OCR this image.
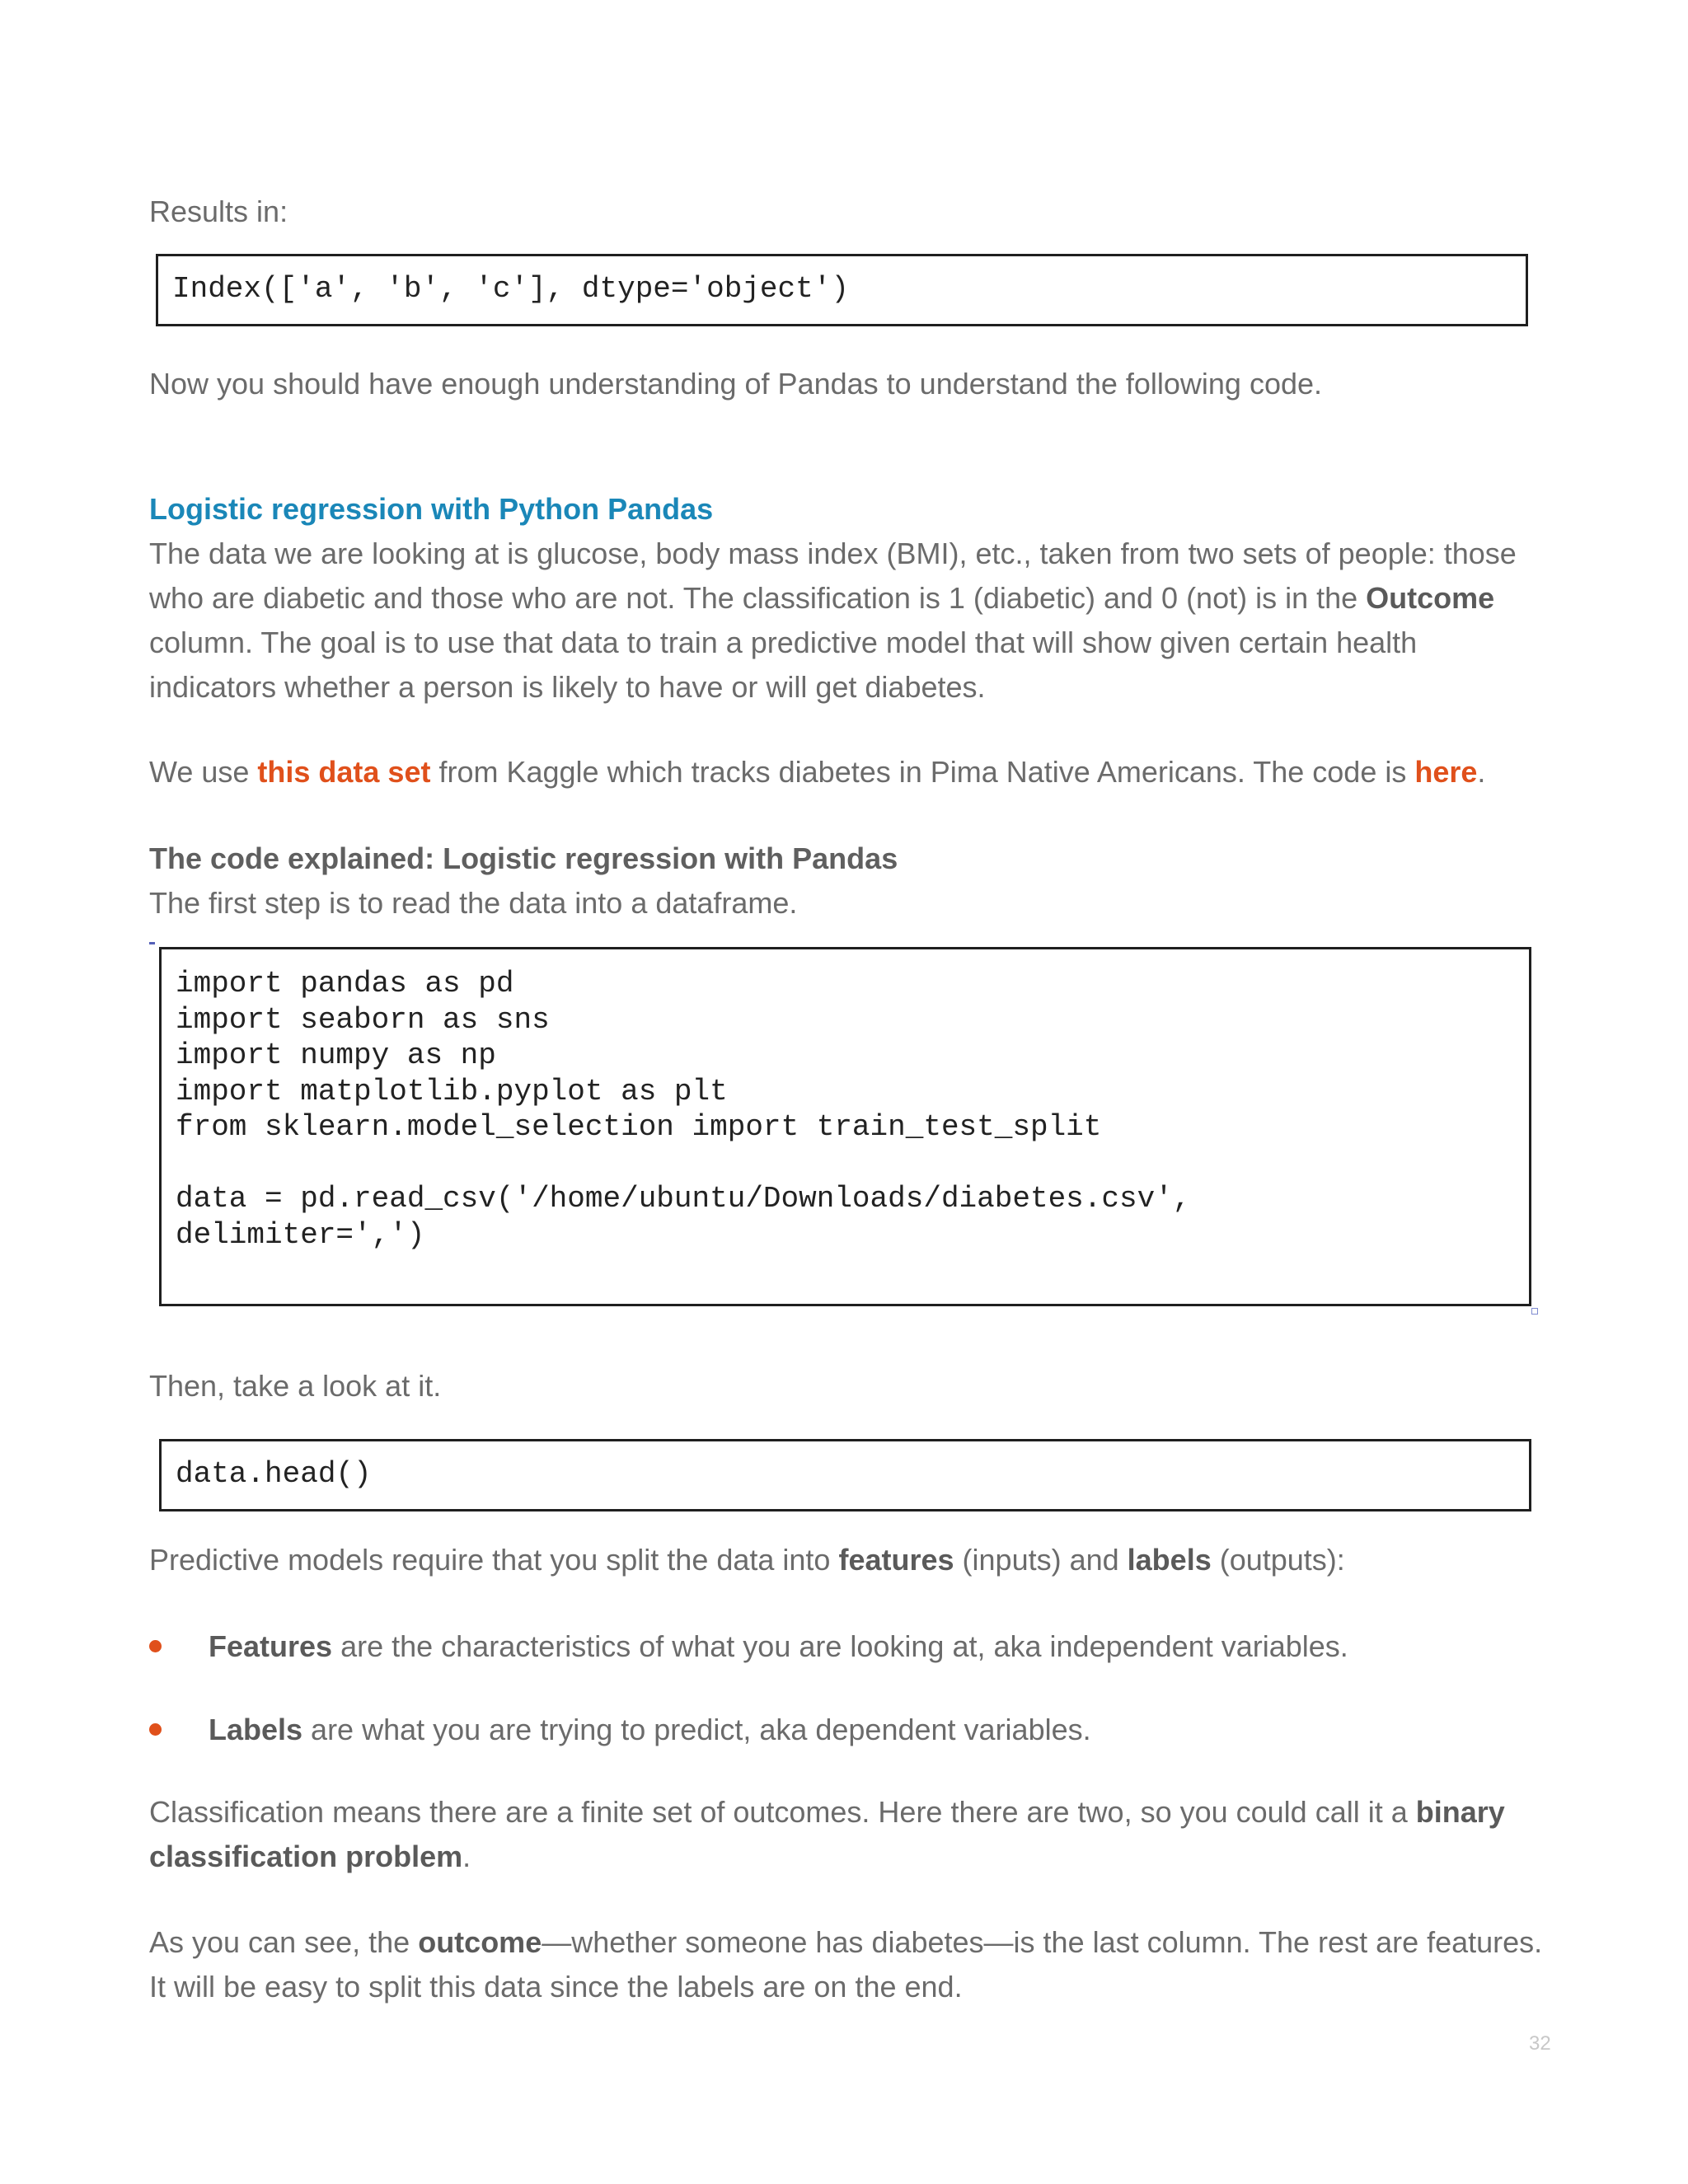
Results in:

Index(['a', 'b', 'c'], dtype='object')

Now you should have enough understanding of Pandas to understand the following code.

Logistic regression with Python Pandas

The data we are looking at is glucose, body mass index (BMI), etc., taken from two sets of people: those who are diabetic and those who are not. The classification is 1 (diabetic) and 0 (not) is in the Outcome column. The goal is to use that data to train a predictive model that will show given certain health indicators whether a person is likely to have or will get diabetes.

We use this data set from Kaggle which tracks diabetes in Pima Native Americans. The code is here.

The code explained: Logistic regression with Pandas

The first step is to read the data into a dataframe.

import pandas as pd
import seaborn as sns
import numpy as np
import matplotlib.pyplot as plt
from sklearn.model_selection import train_test_split

data = pd.read_csv('/home/ubuntu/Downloads/diabetes.csv',
delimiter=',')

Then, take a look at it.

data.head()

Predictive models require that you split the data into features (inputs) and labels (outputs):

Features are the characteristics of what you are looking at, aka independent variables.
Labels are what you are trying to predict, aka dependent variables.

Classification means there are a finite set of outcomes. Here there are two, so you could call it a binary classification problem.

As you can see, the outcome—whether someone has diabetes—is the last column. The rest are features. It will be easy to split this data since the labels are on the end.

32
